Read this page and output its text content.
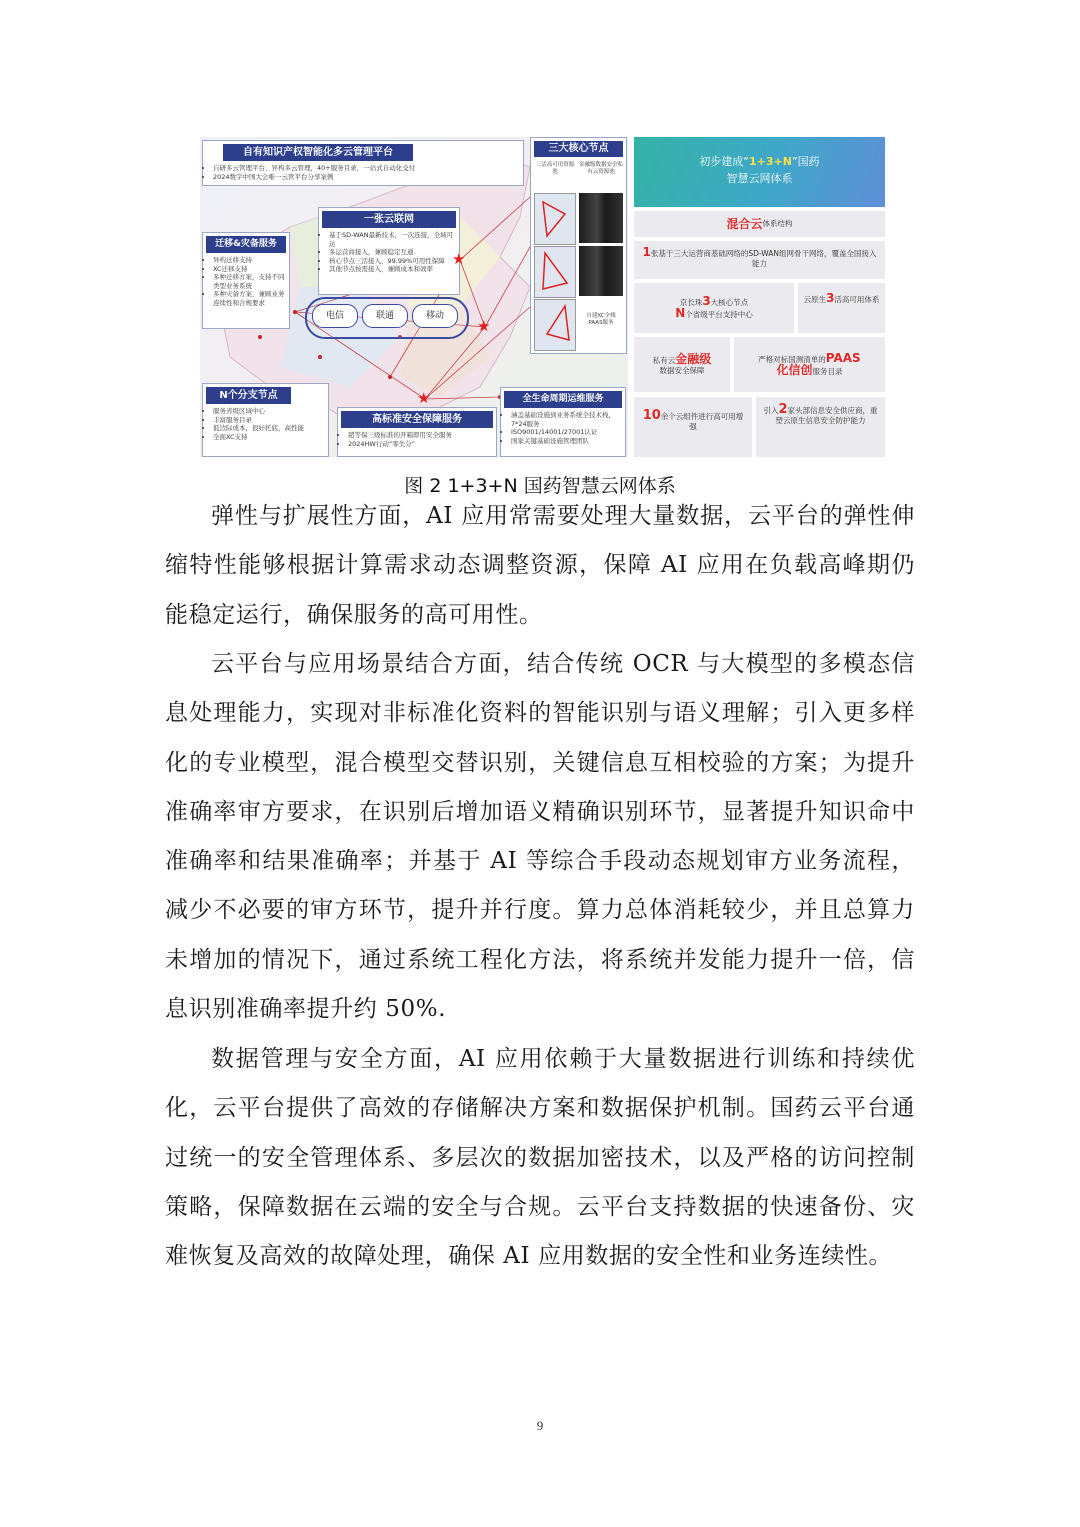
自有知识产权智能化多云管理平台
• 自研多云管理平台，异构多云管理，40+服务目录，一站式自动化交付
• 2024数字中国大会唯一云管平台分享案例
迁移&灾备服务
• 异构迁移支持
• XC迁移支持
• 多种迁移方案，支持不同类型业务系统
• 多种灾备方案，兼顾业务连续性和合规要求
一张云联网
• 基于SD-WAN最新技术，一次连接，全域可达
• 多运营商接入，兼顾稳定互通
• 核心节点三活接入，99.99%可用性保障
• 其他节点按需接入，兼顾成本和效率
电信	联通	移动
★
★
★
N个分支节点
• 服务省级区域中心
• 丰富服务目录
• 低边际成本，很好托底，高性能
• 全面XC支持
高标准安全保障服务
• 超等保三级标准的开箱即用安全服务
• 2024HW行动“零失分”
全生命周期运维服务
• 涵盖基础设施到业务系统全技术栈，7*24服务
• ISO9001/14001/27001认证
• 国家关键基础设施管理团队
三大核心节点
三活高可用资源池
金融级数据安全私有云资源池
自建XC全栈PAAS服务
初步建成“1+3+N”国药
智慧云网体系
混合云 体系结构
1张基于三大运营商基础网络的SD-WAN组网骨干网络，覆盖全国接入能力
京长珠3大核心节点
N个省级平台支持中心
云原生3活高可用体系
私有云金融级
数据安全保障
严格对标国测清单的PAAS
化信创服务目录
10余个云组件进行高可用增强
引入2家头部信息安全供应商，重塑云原生信息安全防护能力
图 2 1+3+N 国药智慧云网体系

弹性与扩展性方面，AI 应用常需要处理大量数据，云平台的弹性伸缩特性能够根据计算需求动态调整资源，保障 AI 应用在负载高峰期仍能稳定运行，确保服务的高可用性。

云平台与应用场景结合方面，结合传统 OCR 与大模型的多模态信息处理能力，实现对非标准化资料的智能识别与语义理解；引入更多样化的专业模型，混合模型交替识别，关键信息互相校验的方案；为提升准确率审方要求，在识别后增加语义精确识别环节，显著提升知识命中准确率和结果准确率；并基于 AI 等综合手段动态规划审方业务流程，减少不必要的审方环节，提升并行度。算力总体消耗较少，并且总算力未增加的情况下，通过系统工程化方法，将系统并发能力提升一倍，信息识别准确率提升约 50%.

数据管理与安全方面，AI 应用依赖于大量数据进行训练和持续优化，云平台提供了高效的存储解决方案和数据保护机制。国药云平台通过统一的安全管理体系、多层次的数据加密技术，以及严格的访问控制策略，保障数据在云端的安全与合规。云平台支持数据的快速备份、灾难恢复及高效的故障处理，确保 AI 应用数据的安全性和业务连续性。

9
